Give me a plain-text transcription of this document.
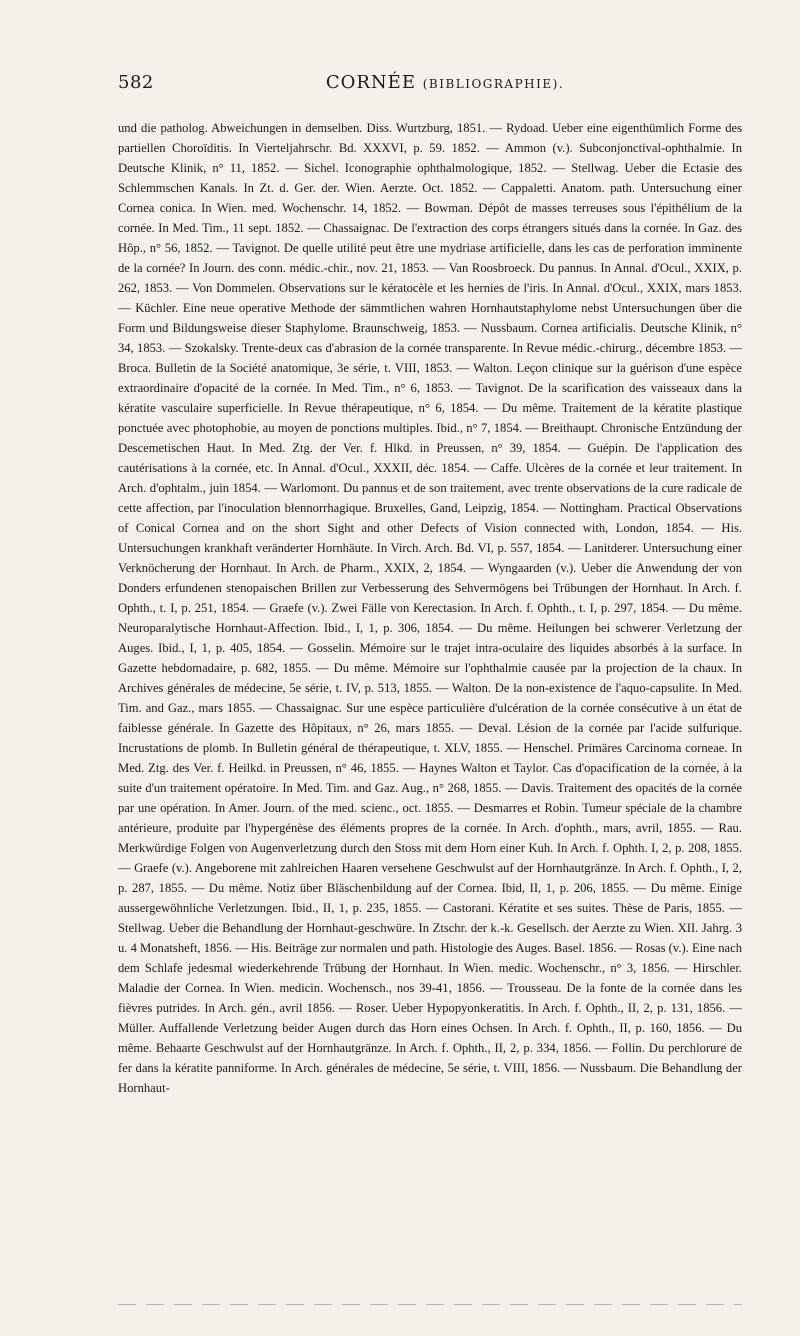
582	CORNÉE (BIBLIOGRAPHIE).

und die patholog. Abweichungen in demselben. Diss. Wurtzburg, 1851. — Rydoad. Ueber eine eigenthümlich Forme des partiellen Choroïditis. In Vierteljahrschr. Bd. XXXVI, p. 59. 1852. — Ammon (v.). Subconjonctival-ophthalmie. In Deutsche Klinik, n° 11, 1852. — Sichel. Iconographie ophthalmologique, 1852. — Stellwag. Ueber die Ectasie des Schlemmschen Kanals. In Zt. d. Ger. der. Wien. Aerzte. Oct. 1852. — Cappaletti. Anatom. path. Untersuchung einer Cornea conica. In Wien. med. Wochenschr. 14, 1852. — Bowman. Dépôt de masses terreuses sous l'épithélium de la cornée. In Med. Tim., 11 sept. 1852. — Chassaignac. De l'extraction des corps étrangers situés dans la cornée. In Gaz. des Hôp., n° 56, 1852. — Tavignot. De quelle utilité peut être une mydriase artificielle, dans les cas de perforation imminente de la cornée? In Journ. des conn. médic.-chir., nov. 21, 1853. — Van Roosbroeck. Du pannus. In Annal. d'Ocul., XXIX, p. 262, 1853. — Von Dommelen. Observations sur le kératocèle et les hernies de l'iris. In Annal. d'Ocul., XXIX, mars 1853. — Küchler. Eine neue operative Methode der sämmtlichen wahren Hornhautstaphylome nebst Untersuchungen über die Form und Bildungsweise dieser Staphylome. Braunschweig, 1853. — Nussbaum. Cornea artificialis. Deutsche Klinik, n° 34, 1853. — Szokalsky. Trente-deux cas d'abrasion de la cornée transparente. In Revue médic.-chirurg., décembre 1853. — Broca. Bulletin de la Société anatomique, 3e série, t. VIII, 1853. — Walton. Leçon clinique sur la guérison d'une espèce extraordinaire d'opacité de la cornée. In Med. Tim., n° 6, 1853. — Tavignot. De la scarification des vaisseaux dans la kératite vasculaire superficielle. In Revue thérapeutique, n° 6, 1854. — Du même. Traitement de la kératite plastique ponctuée avec photophobie, au moyen de ponctions multiples. Ibid., n° 7, 1854. — Breithaupt. Chronische Entzündung der Descemetischen Haut. In Med. Ztg. der Ver. f. Hlkd. in Preussen, n° 39, 1854. — Guépin. De l'application des cautérisations à la cornée, etc. In Annal. d'Ocul., XXXII, déc. 1854. — Caffe. Ulcères de la cornée et leur traitement. In Arch. d'ophtalm., juin 1854. — Warlomont. Du pannus et de son traitement, avec trente observations de la cure radicale de cette affection, par l'inoculation blennorrhagique. Bruxelles, Gand, Leipzig, 1854. — Nottingham. Practical Observations of Conical Cornea and on the short Sight and other Defects of Vision connected with, London, 1854. — His. Untersuchungen krankhaft veränderter Hornhäute. In Virch. Arch. Bd. VI, p. 557, 1854. — Lanitderer. Untersuchung einer Verknöcherung der Hornhaut. In Arch. de Pharm., XXIX, 2, 1854. — Wyngaarden (v.). Ueber die Anwendung der von Donders erfundenen stenopaischen Brillen zur Verbesserung des Sehvermögens bei Trübungen der Hornhaut. In Arch. f. Ophth., t. I, p. 251, 1854. — Graefe (v.). Zwei Fälle von Kerectasion. In Arch. f. Ophth., t. I, p. 297, 1854. — Du même. Neuroparalytische Hornhaut-Affection. Ibid., I, 1, p. 306, 1854. — Du même. Heilungen bei schwerer Verletzung der Auges. Ibid., I, 1, p. 405, 1854. — Gosselin. Mémoire sur le trajet intra-oculaire des liquides absorbés à la surface. In Gazette hebdomadaire, p. 682, 1855. — Du même. Mémoire sur l'ophthalmie causée par la projection de la chaux. In Archives générales de médecine, 5e série, t. IV, p. 513, 1855. — Walton. De la non-existence de l'aquo-capsulite. In Med. Tim. and Gaz., mars 1855. — Chassaignac. Sur une espèce particulière d'ulcération de la cornée consécutive à un état de faiblesse générale. In Gazette des Hôpitaux, n° 26, mars 1855. — Deval. Lésion de la cornée par l'acide sulfurique. Incrustations de plomb. In Bulletin général de thérapeutique, t. XLV, 1855. — Henschel. Primäres Carcinoma corneae. In Med. Ztg. des Ver. f. Heilkd. in Preussen, n° 46, 1855. — Haynes Walton et Taylor. Cas d'opacification de la cornée, à la suite d'un traitement opératoire. In Med. Tim. and Gaz. Aug., n° 268, 1855. — Davis. Traitement des opacités de la cornée par une opération. In Amer. Journ. of the med. scienc., oct. 1855. — Desmarres et Robin. Tumeur spéciale de la chambre antérieure, produite par l'hypergénèse des éléments propres de la cornée. In Arch. d'ophth., mars, avril, 1855. — Rau. Merkwürdige Folgen von Augenverletzung durch den Stoss mit dem Horn einer Kuh. In Arch. f. Ophth. I, 2, p. 208, 1855. — Graefe (v.). Angeborene mit zahlreichen Haaren versehene Geschwulst auf der Hornhautgränze. In Arch. f. Ophth., I, 2, p. 287, 1855. — Du même. Notiz über Bläschenbildung auf der Cornea. Ibid, II, 1, p. 206, 1855. — Du même. Einige aussergewöhnliche Verletzungen. Ibid., II, 1, p. 235, 1855. — Castorani. Kératite et ses suites. Thèse de Paris, 1855. — Stellwag. Ueber die Behandlung der Hornhaut-geschwüre. In Ztschr. der k.-k. Gesellsch. der Aerzte zu Wien. XII. Jahrg. 3 u. 4 Monatsheft, 1856. — His. Beiträge zur normalen und path. Histologie des Auges. Basel. 1856. — Rosas (v.). Eine nach dem Schlafe jedesmal wiederkehrende Trübung der Hornhaut. In Wien. medic. Wochenschr., n° 3, 1856. — Hirschler. Maladie der Cornea. In Wien. medicin. Wochensch., nos 39-41, 1856. — Trousseau. De la fonte de la cornée dans les fièvres putrides. In Arch. gén., avril 1856. — Roser. Ueber Hypopyonkeratitis. In Arch. f. Ophth., II, 2, p. 131, 1856. — Müller. Auffallende Verletzung beider Augen durch das Horn eines Ochsen. In Arch. f. Ophth., II, p. 160, 1856. — Du même. Behaarte Geschwulst auf der Hornhautgränze. In Arch. f. Ophth., II, 2, p. 334, 1856. — Follin. Du perchlorure de fer dans la kératite panniforme. In Arch. générales de médecine, 5e série, t. VIII, 1856. — Nussbaum. Die Behandlung der Hornhaut-
